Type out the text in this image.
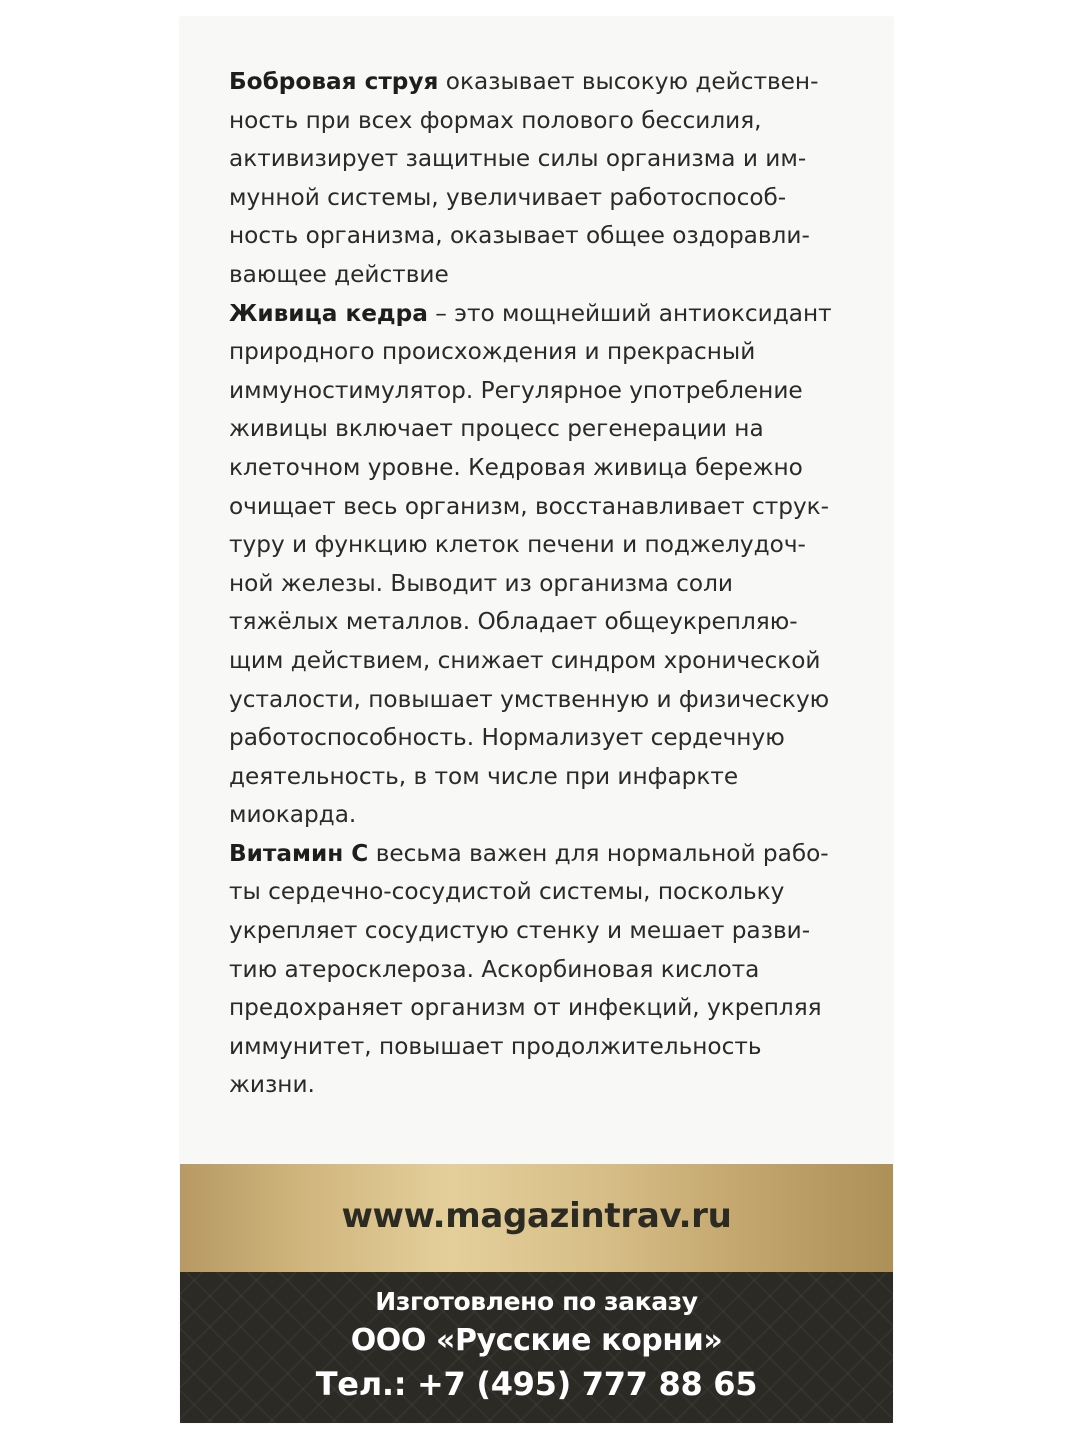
Бобровая струя оказывает высокую действен-
ность при всех формах полового бессилия,
активизирует защитные силы организма и им-
мунной системы, увеличивает работоспособ-
ность организма, оказывает общее оздоравли-
вающее действие

Живица кедра – это мощнейший антиоксидант
природного происхождения и прекрасный
иммуностимулятор. Регулярное употребление
живицы включает процесс регенерации на
клеточном уровне. Кедровая живица бережно
очищает весь организм, восстанавливает струк-
туру и функцию клеток печени и поджелудоч-
ной железы. Выводит из организма соли
тяжёлых металлов. Обладает общеукрепляю-
щим действием, снижает синдром хронической
усталости, повышает умственную и физическую
работоспособность. Нормализует сердечную
деятельность, в том числе при инфаркте
миокарда.

Витамин С весьма важен для нормальной рабо-
ты сердечно-сосудистой системы, поскольку
укрепляет сосудистую стенку и мешает разви-
тию атеросклероза. Аскорбиновая кислота
предохраняет организм от инфекций, укрепляя
иммунитет, повышает продолжительность
жизни.

www.magazintrav.ru
Изготовлено по заказу
ООО «Русские корни»
Тел.: +7 (495) 777 88 65
